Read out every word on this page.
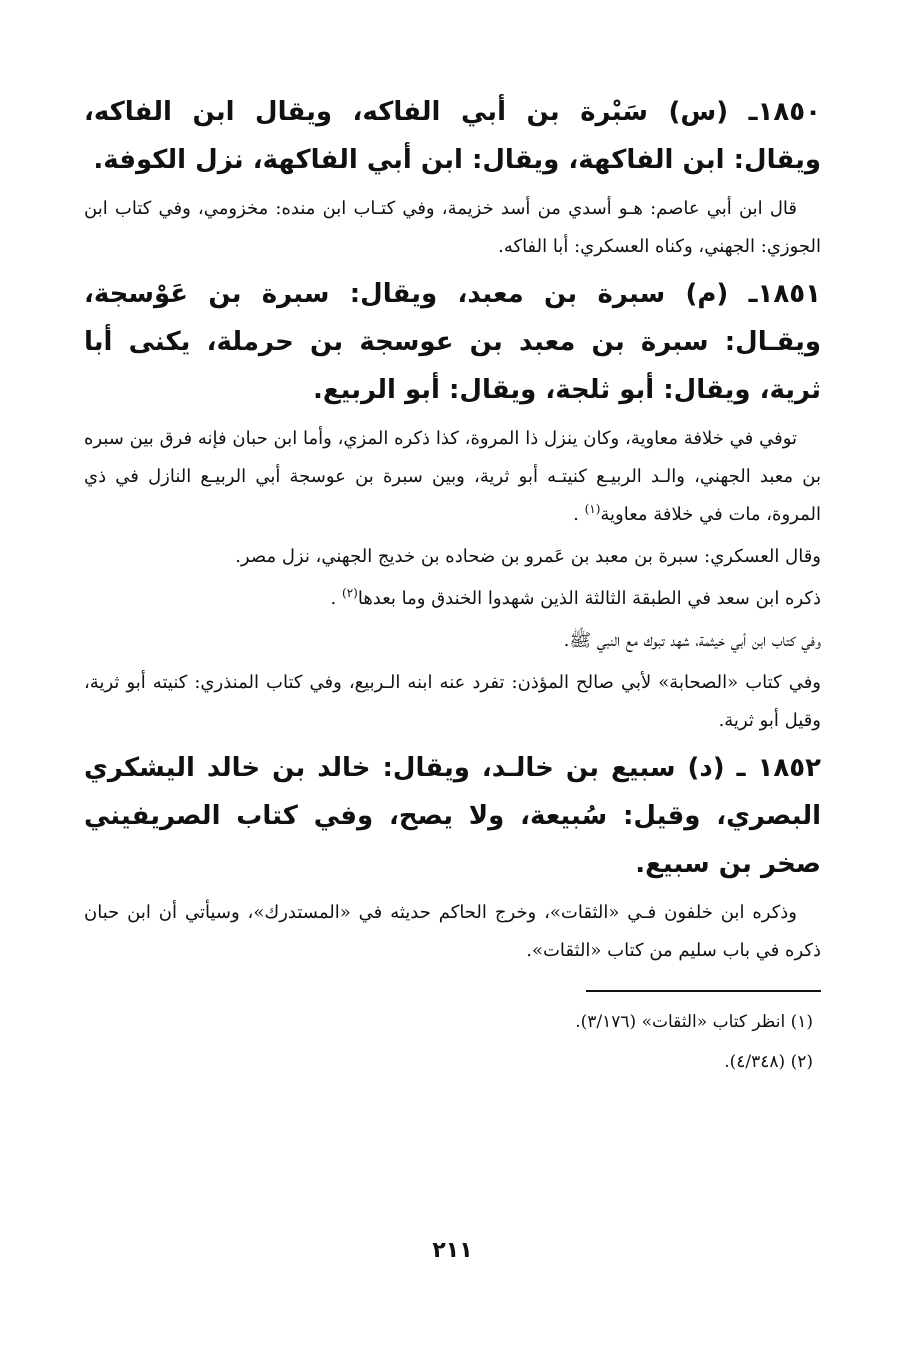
١٨٥٠ـ (س) سَبْرة بن أبي الفاكه، ويقال ابن الفاكه، ويقال: ابن الفاكهة، ويقال: ابن أبي الفاكهة، نزل الكوفة.

قال ابن أبي عاصم: هـو أسدي من أسد خزيمة، وفي كتـاب ابن منده: مخزومي، وفي كتاب ابن الجوزي: الجهني، وكناه العسكري: أبا الفاكه.

١٨٥١ـ (م) سبرة بن معبد، ويقال: سبرة بن عَوْسجة، ويقـال: سبرة بن معبد بن عوسجة بن حرملة، يكنى أبا ثرية، ويقال: أبو ثلجة، ويقال: أبو الربيع.

توفي في خلافة معاوية، وكان ينزل ذا المروة، كذا ذكره المزي، وأما ابن حبان فإنه فرق بين سبره بن معبد الجهني، والـد الربيـع كنيتـه أبو ثرية، وبين سبرة بن عوسجة أبي الربيـع النازل في ذي المروة، مات في خلافة معاوية$^{(١)}$ .

وقال العسكري: سبرة بن معبد بن عَمرو بن ضحاده بن خديج الجهني، نزل مصر.

ذكره ابن سعد في الطبقة الثالثة الذين شهدوا الخندق وما بعدها$^{(٢)}$ .

وفي كتاب ابن أبي خيثمة، شهد تبوك مع النبي ﷺ.

وفي كتاب «الصحابة» لأبي صالح المؤذن: تفرد عنه ابنه الـربيع، وفي كتاب المنذري: كنيته أبو ثرية، وقيل أبو ثرية.

١٨٥٢ ـ (د) سبيع بن خالـد، ويقال: خالد بن خالد اليشكري البصري، وقيل: سُبيعة، ولا يصح، وفي كتاب الصريفيني صخر بن سبيع.

وذكره ابن خلفون فـي «الثقات»، وخرج الحاكم حديثه في «المستدرك»، وسيأتي أن ابن حبان ذكره في باب سليم من كتاب «الثقات».

(١) انظر كتاب «الثقات» (٣/١٧٦).

(٢) (٤/٣٤٨).

٢١١
